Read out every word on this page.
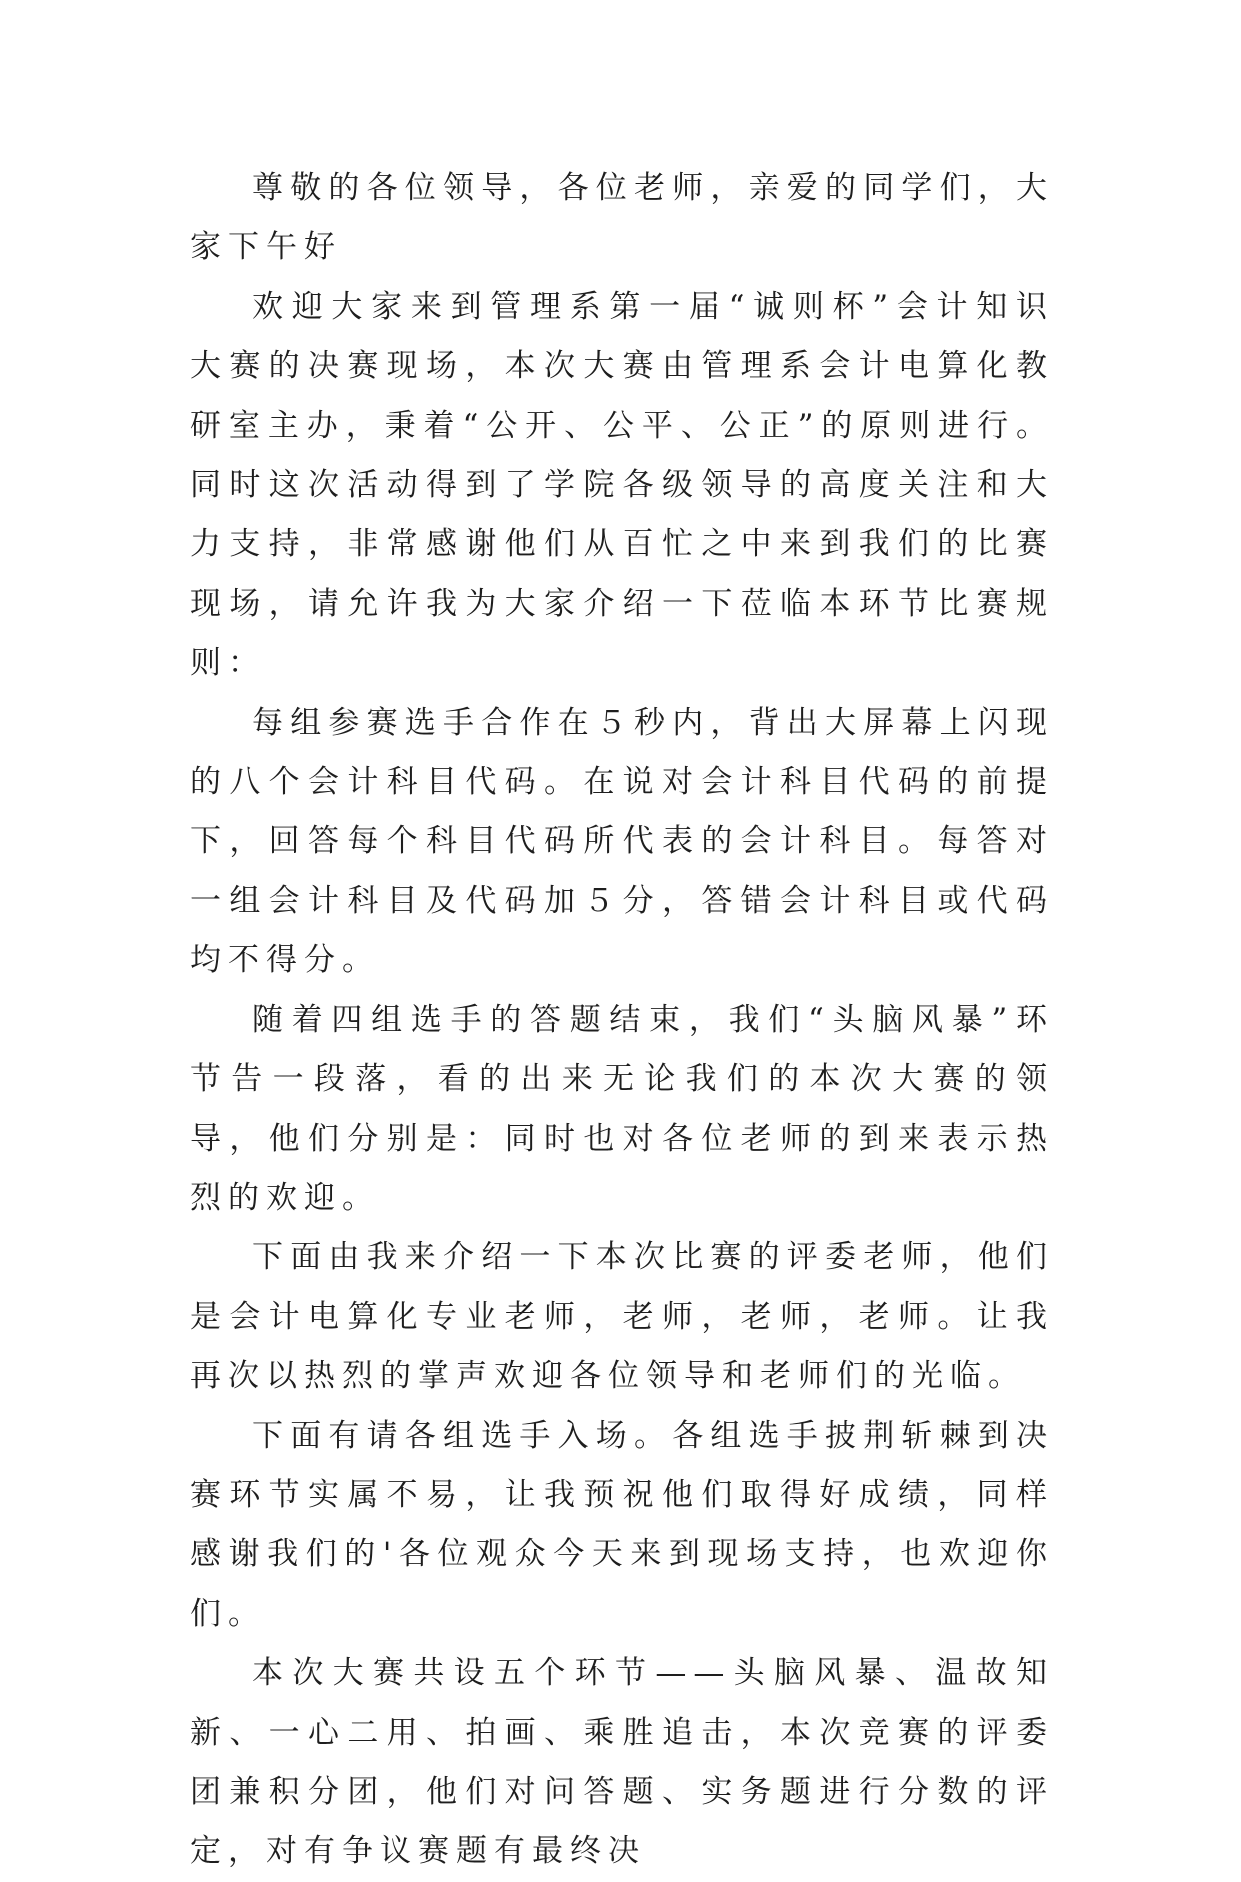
尊敬的各位领导，各位老师，亲爱的同学们，大家下午好

欢迎大家来到管理系第一届“诚则杯”会计知识大赛的决赛现场，本次大赛由管理系会计电算化教研室主办，秉着“公开、公平、公正”的原则进行。同时这次活动得到了学院各级领导的高度关注和大力支持，非常感谢他们从百忙之中来到我们的比赛现场，请允许我为大家介绍一下莅临本环节比赛规则：

每组参赛选手合作在５秒内，背出大屏幕上闪现的八个会计科目代码。在说对会计科目代码的前提下，回答每个科目代码所代表的会计科目。每答对一组会计科目及代码加５分，答错会计科目或代码均不得分。

随着四组选手的答题结束，我们“头脑风暴”环节告一段落，看的出来无论我们的本次大赛的领导，他们分别是：同时也对各位老师的到来表示热烈的欢迎。

下面由我来介绍一下本次比赛的评委老师，他们是会计电算化专业老师，老师，老师，老师。让我再次以热烈的掌声欢迎各位领导和老师们的光临。

下面有请各组选手入场。各组选手披荆斩棘到决赛环节实属不易，让我预祝他们取得好成绩，同样感谢我们的'各位观众今天来到现场支持，也欢迎你们。

本次大赛共设五个环节——头脑风暴、温故知新、一心二用、拍画、乘胜追击，本次竞赛的评委团兼积分团，他们对问答题、实务题进行分数的评定，对有争议赛题有最终决
